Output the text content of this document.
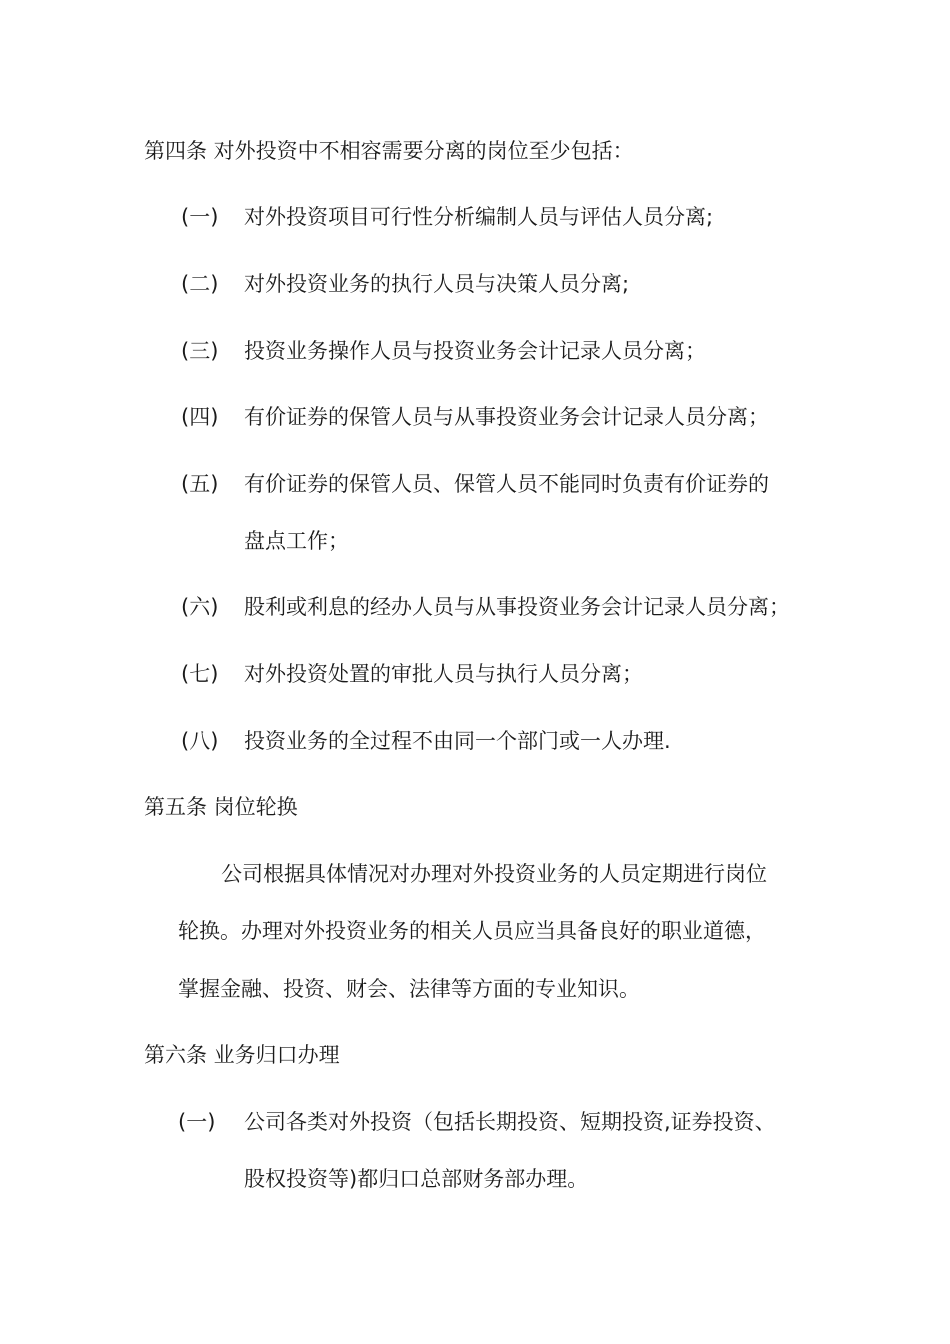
第四条 对外投资中不相容需要分离的岗位至少包括：
(一) 对外投资项目可行性分析编制人员与评估人员分离;
(二) 对外投资业务的执行人员与决策人员分离;
(三) 投资业务操作人员与投资业务会计记录人员分离；
(四) 有价证券的保管人员与从事投资业务会计记录人员分离；
(五) 有价证券的保管人员、保管人员不能同时负责有价证券的
盘点工作；
(六) 股利或利息的经办人员与从事投资业务会计记录人员分离；
(七) 对外投资处置的审批人员与执行人员分离；
(八) 投资业务的全过程不由同一个部门或一人办理.
第五条 岗位轮换
公司根据具体情况对办理对外投资业务的人员定期进行岗位
轮换。办理对外投资业务的相关人员应当具备良好的职业道德，
掌握金融、投资、财会、法律等方面的专业知识。
第六条 业务归口办理
(一) 公司各类对外投资（包括长期投资、短期投资,证券投资、
股权投资等)都归口总部财务部办理。
